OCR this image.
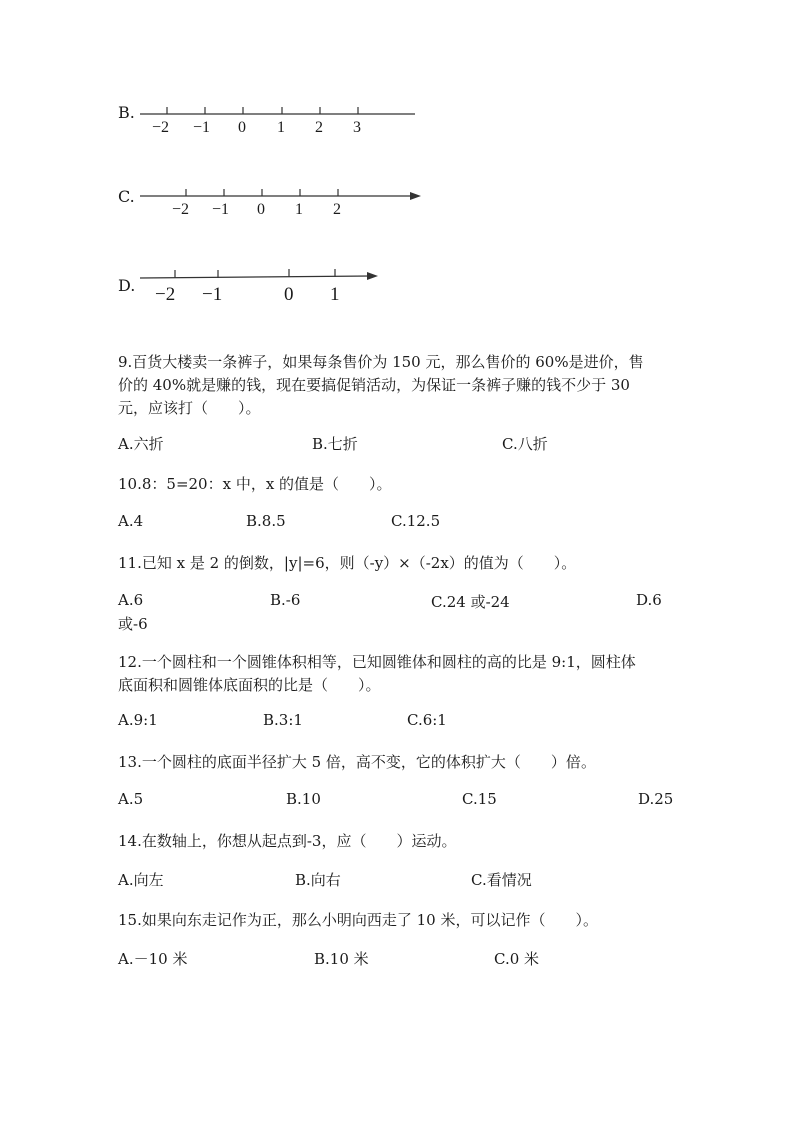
B.
−2 −1 0 1 2 3
C.
−2 −1 0 1 2
D. −2 −1	0 1
9.百货大楼卖一条裤子，如果每条售价为 150 元，那么售价的 60%是进价，售
价的 40%就是赚的钱，现在要搞促销活动，为保证一条裤子赚的钱不少于 30
元，应该打（　　）。
A.六折	B.七折	C.八折
10.8：5=20：x 中，x 的值是（　　）。
A.4	B.8.5	C.12.5
11.已知 x 是 2 的倒数，|y|=6，则（-y）×（-2x）的值为（　　）。
A.6	B.-6	C.24 或-24	D.6
或-6
12.一个圆柱和一个圆锥体积相等，已知圆锥体和圆柱的高的比是 9:1，圆柱体
底面积和圆锥体底面积的比是（　　）。
A.9:1	B.3:1	C.6:1
13.一个圆柱的底面半径扩大 5 倍，高不变，它的体积扩大（　　）倍。
A.5	B.10	C.15	D.25
14.在数轴上，你想从起点到-3，应（　　）运动。
A.向左	B.向右	C.看情况
15.如果向东走记作为正，那么小明向西走了 10 米，可以记作（　　）。
A.－10 米	B.10 米	C.0 米
